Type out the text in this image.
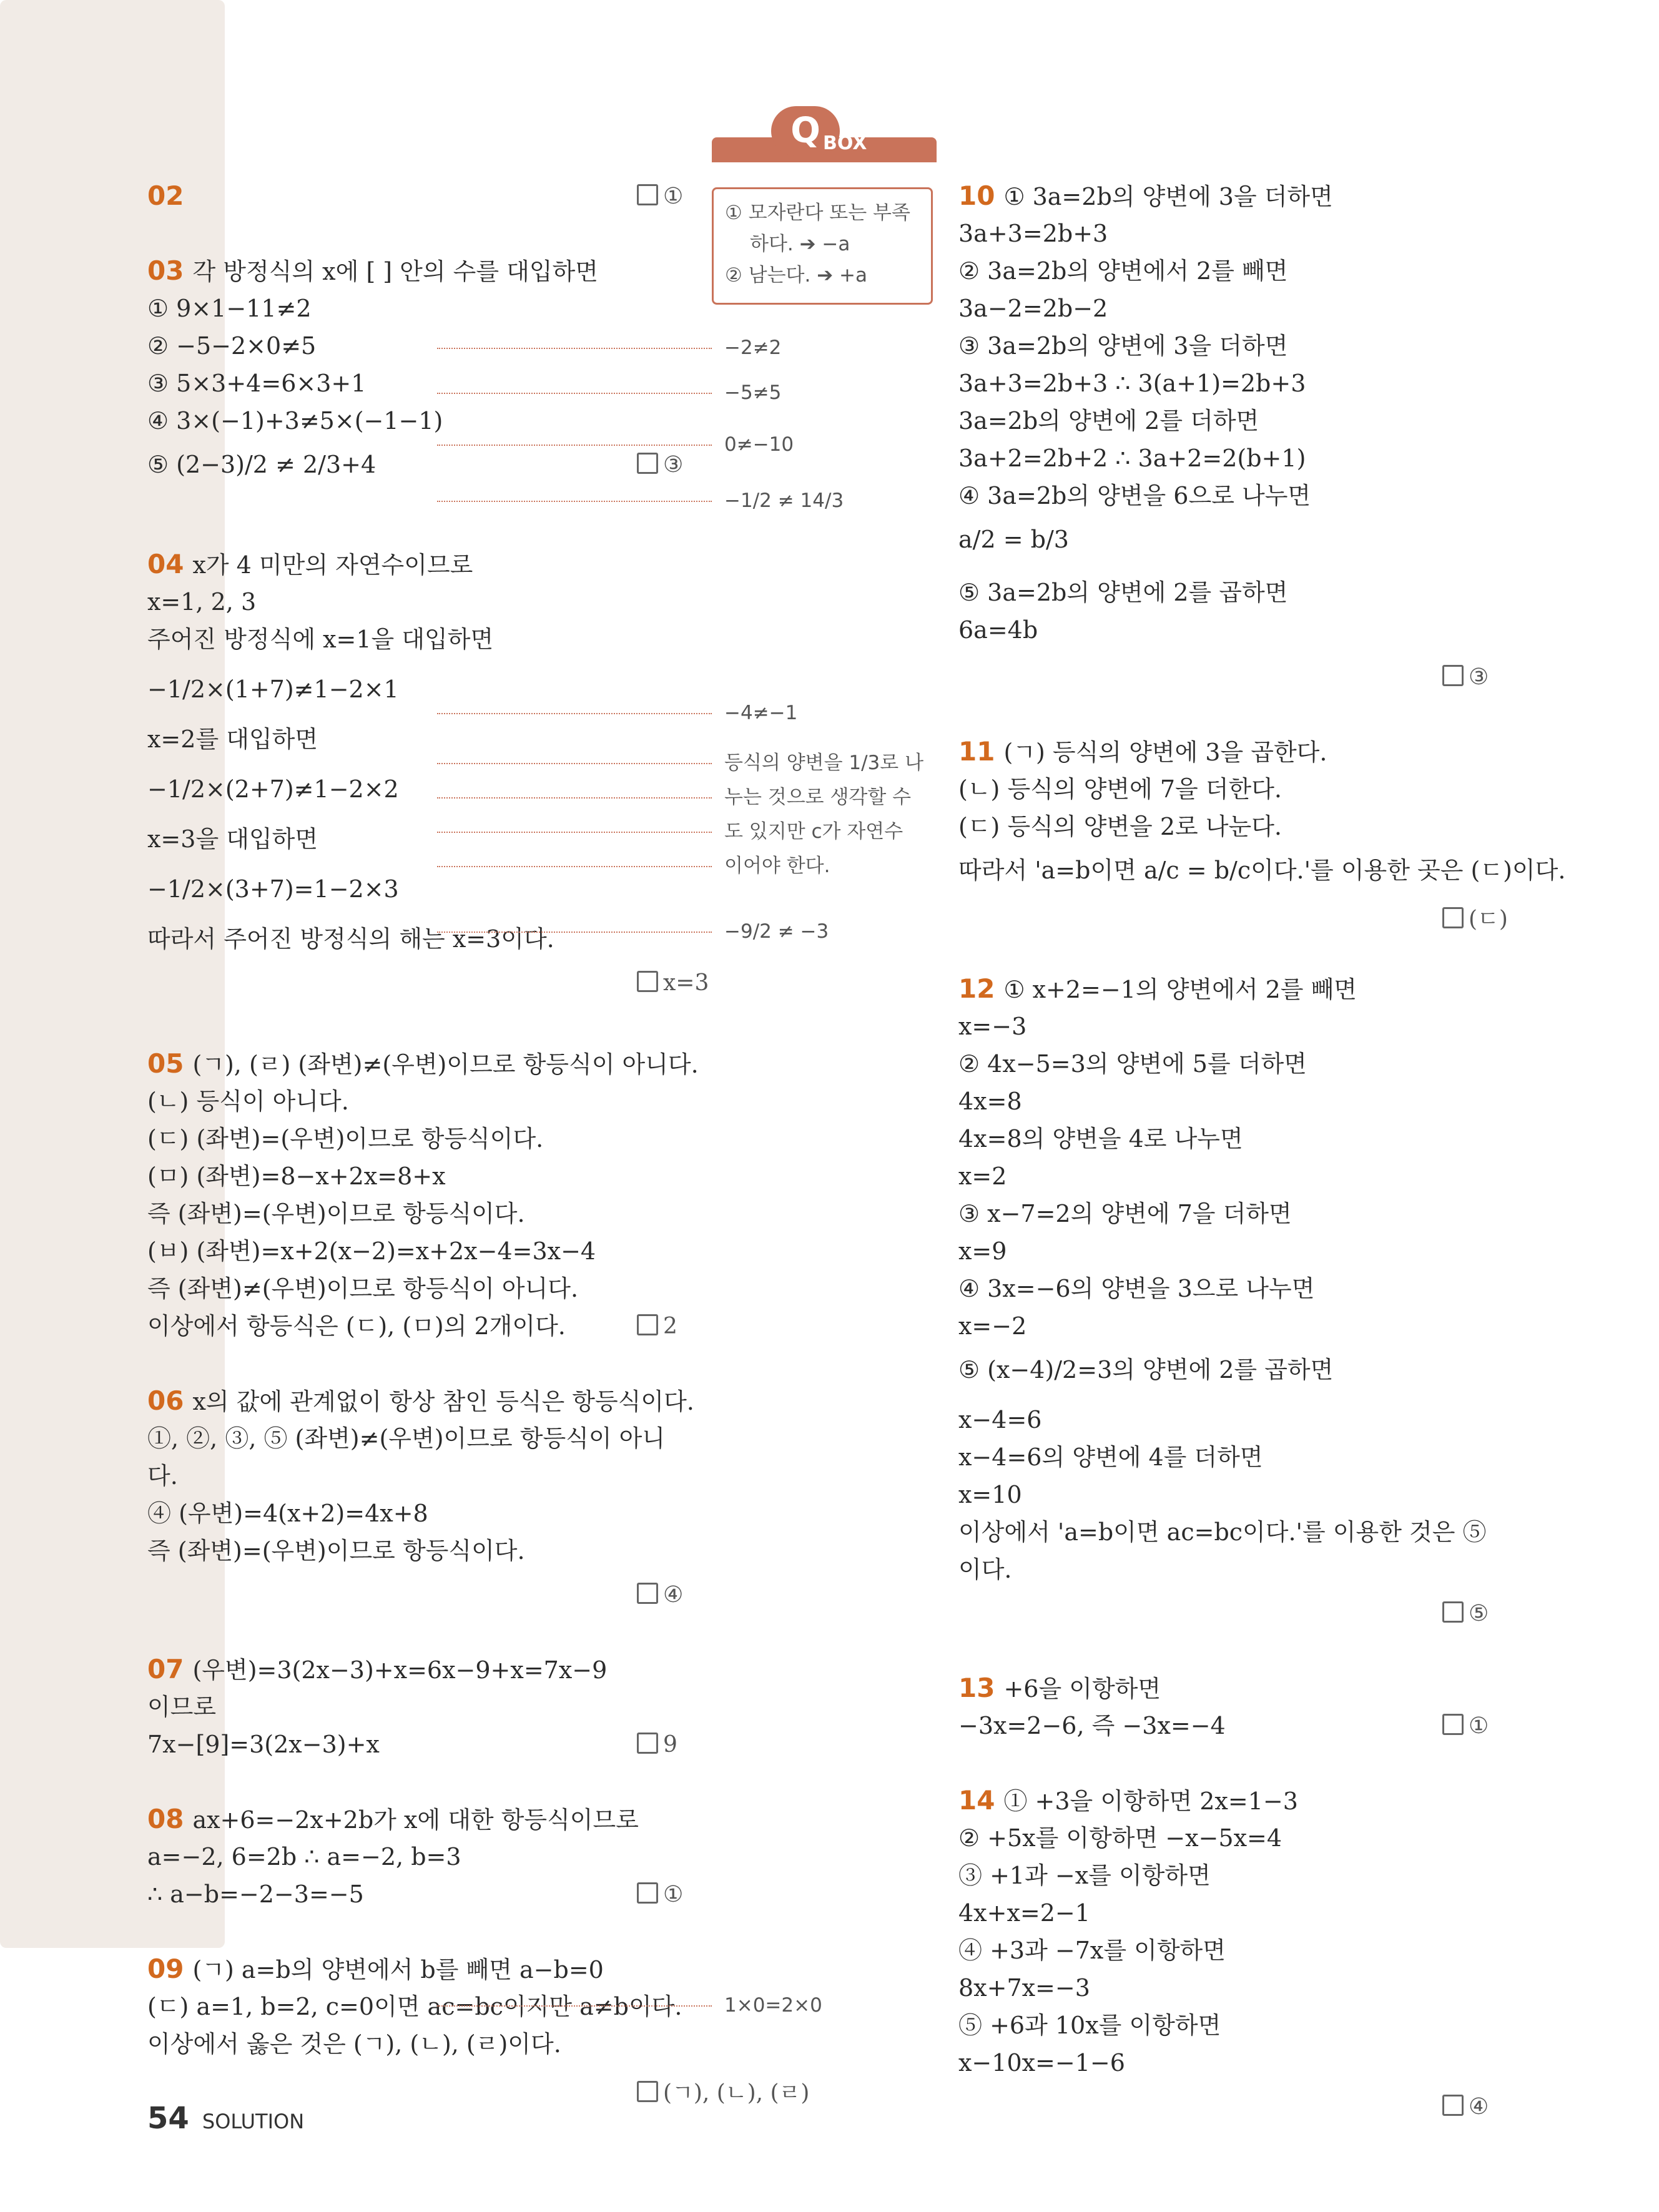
Q BOX
① 모자란다 또는 부족
하다. ➔ −a
② 남는다. ➔ +a
02	①
03 각 방정식의 x에 [ ] 안의 수를 대입하면
① 9×1−11≠2
② −5−2×0≠5
③ 5×3+4=6×3+1
④ 3×(−1)+3≠5×(−1−1)
⑤ (2−3)/2 ≠ 2/3+4	③
04 x가 4 미만의 자연수이므로
x=1, 2, 3
주어진 방정식에 x=1을 대입하면
−1/2×(1+7)≠1−2×1
x=2를 대입하면
−1/2×(2+7)≠1−2×2
x=3을 대입하면
−1/2×(3+7)=1−2×3
따라서 주어진 방정식의 해는 x=3이다.
x=3
05 (ㄱ), (ㄹ) (좌변)≠(우변)이므로 항등식이 아니다.
(ㄴ) 등식이 아니다.
(ㄷ) (좌변)=(우변)이므로 항등식이다.
(ㅁ) (좌변)=8−x+2x=8+x
즉 (좌변)=(우변)이므로 항등식이다.
(ㅂ) (좌변)=x+2(x−2)=x+2x−4=3x−4
즉 (좌변)≠(우변)이므로 항등식이 아니다.
이상에서 항등식은 (ㄷ), (ㅁ)의 2개이다.	2
06 x의 값에 관계없이 항상 참인 등식은 항등식이다.
①, ②, ③, ⑤ (좌변)≠(우변)이므로 항등식이 아니
다.
④ (우변)=4(x+2)=4x+8
즉 (좌변)=(우변)이므로 항등식이다.
④
07 (우변)=3(2x−3)+x=6x−9+x=7x−9
이므로
7x−[9]=3(2x−3)+x	9
08 ax+6=−2x+2b가 x에 대한 항등식이므로
a=−2, 6=2b ∴ a=−2, b=3
∴ a−b=−2−3=−5	①
09 (ㄱ) a=b의 양변에서 b를 빼면 a−b=0
(ㄷ) a=1, b=2, c=0이면 ac=bc이지만 a≠b이다.
이상에서 옳은 것은 (ㄱ), (ㄴ), (ㄹ)이다.
(ㄱ), (ㄴ), (ㄹ)
−2≠2
−5≠5
0≠−10
−1/2 ≠ 14/3
−4≠−1
등식의 양변을 1/3로 나
누는 것으로 생각할 수
도 있지만 c가 자연수
이어야 한다.
−9/2 ≠ −3
1×0=2×0
10 ① 3a=2b의 양변에 3을 더하면
3a+3=2b+3
② 3a=2b의 양변에서 2를 빼면
3a−2=2b−2
③ 3a=2b의 양변에 3을 더하면
3a+3=2b+3 ∴ 3(a+1)=2b+3
3a=2b의 양변에 2를 더하면
3a+2=2b+2 ∴ 3a+2=2(b+1)
④ 3a=2b의 양변을 6으로 나누면
a/2 = b/3
⑤ 3a=2b의 양변에 2를 곱하면
6a=4b
③
11 (ㄱ) 등식의 양변에 3을 곱한다.
(ㄴ) 등식의 양변에 7을 더한다.
(ㄷ) 등식의 양변을 2로 나눈다.
따라서 'a=b이면 a/c = b/c이다.'를 이용한 곳은 (ㄷ)이다.
(ㄷ)
12 ① x+2=−1의 양변에서 2를 빼면
x=−3
② 4x−5=3의 양변에 5를 더하면
4x=8
4x=8의 양변을 4로 나누면
x=2
③ x−7=2의 양변에 7을 더하면
x=9
④ 3x=−6의 양변을 3으로 나누면
x=−2
⑤ (x−4)/2=3의 양변에 2를 곱하면
x−4=6
x−4=6의 양변에 4를 더하면
x=10
이상에서 'a=b이면 ac=bc이다.'를 이용한 것은 ⑤
이다.
⑤
13 +6을 이항하면
−3x=2−6, 즉 −3x=−4	①
14 ① +3을 이항하면 2x=1−3
② +5x를 이항하면 −x−5x=4
③ +1과 −x를 이항하면
4x+x=2−1
④ +3과 −7x를 이항하면
8x+7x=−3
⑤ +6과 10x를 이항하면
x−10x=−1−6
④
54 SOLUTION
